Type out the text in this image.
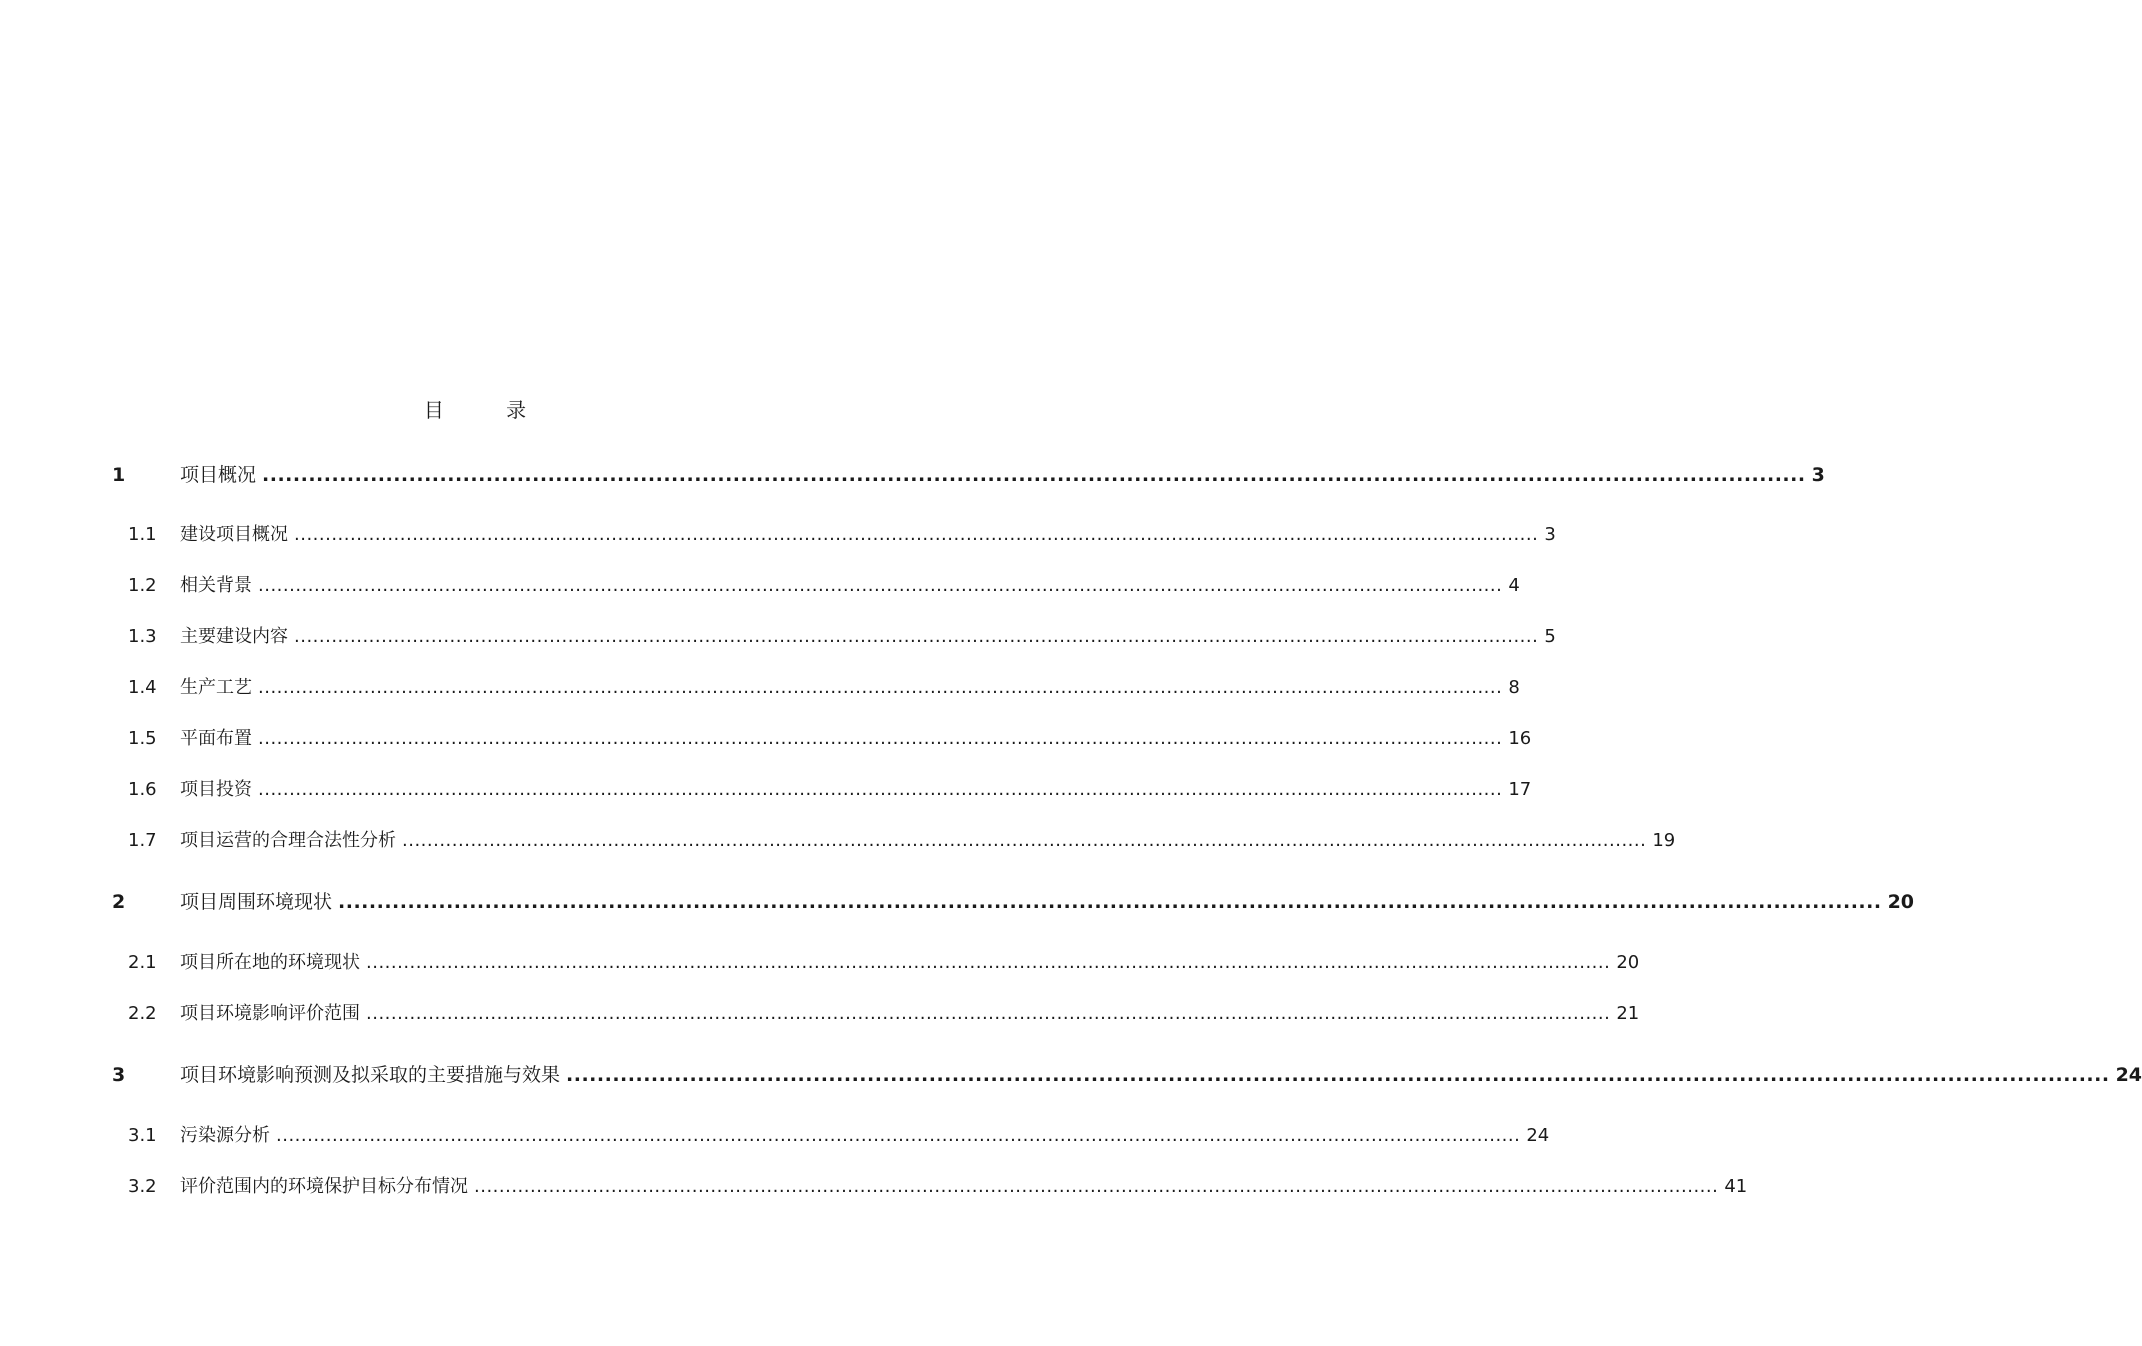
目 录
1	项目概况 ........................................................................................................................................................................................................ 3
1.1	建设项目概况 ........................................................................................................................................................................................................ 3
1.2	相关背景 ........................................................................................................................................................................................................ 4
1.3	主要建设内容 ........................................................................................................................................................................................................ 5
1.4	生产工艺 ........................................................................................................................................................................................................ 8
1.5	平面布置 ........................................................................................................................................................................................................ 16
1.6	项目投资 ........................................................................................................................................................................................................ 17
1.7	项目运营的合理合法性分析 ........................................................................................................................................................................................................ 19
2	项目周围环境现状 ........................................................................................................................................................................................................ 20
2.1	项目所在地的环境现状 ........................................................................................................................................................................................................ 20
2.2	项目环境影响评价范围 ........................................................................................................................................................................................................ 21
3	项目环境影响预测及拟采取的主要措施与效果 ........................................................................................................................................................................................................ 24
3.1	污染源分析 ........................................................................................................................................................................................................ 24
3.2	评价范围内的环境保护目标分布情况 ........................................................................................................................................................................................................ 41
